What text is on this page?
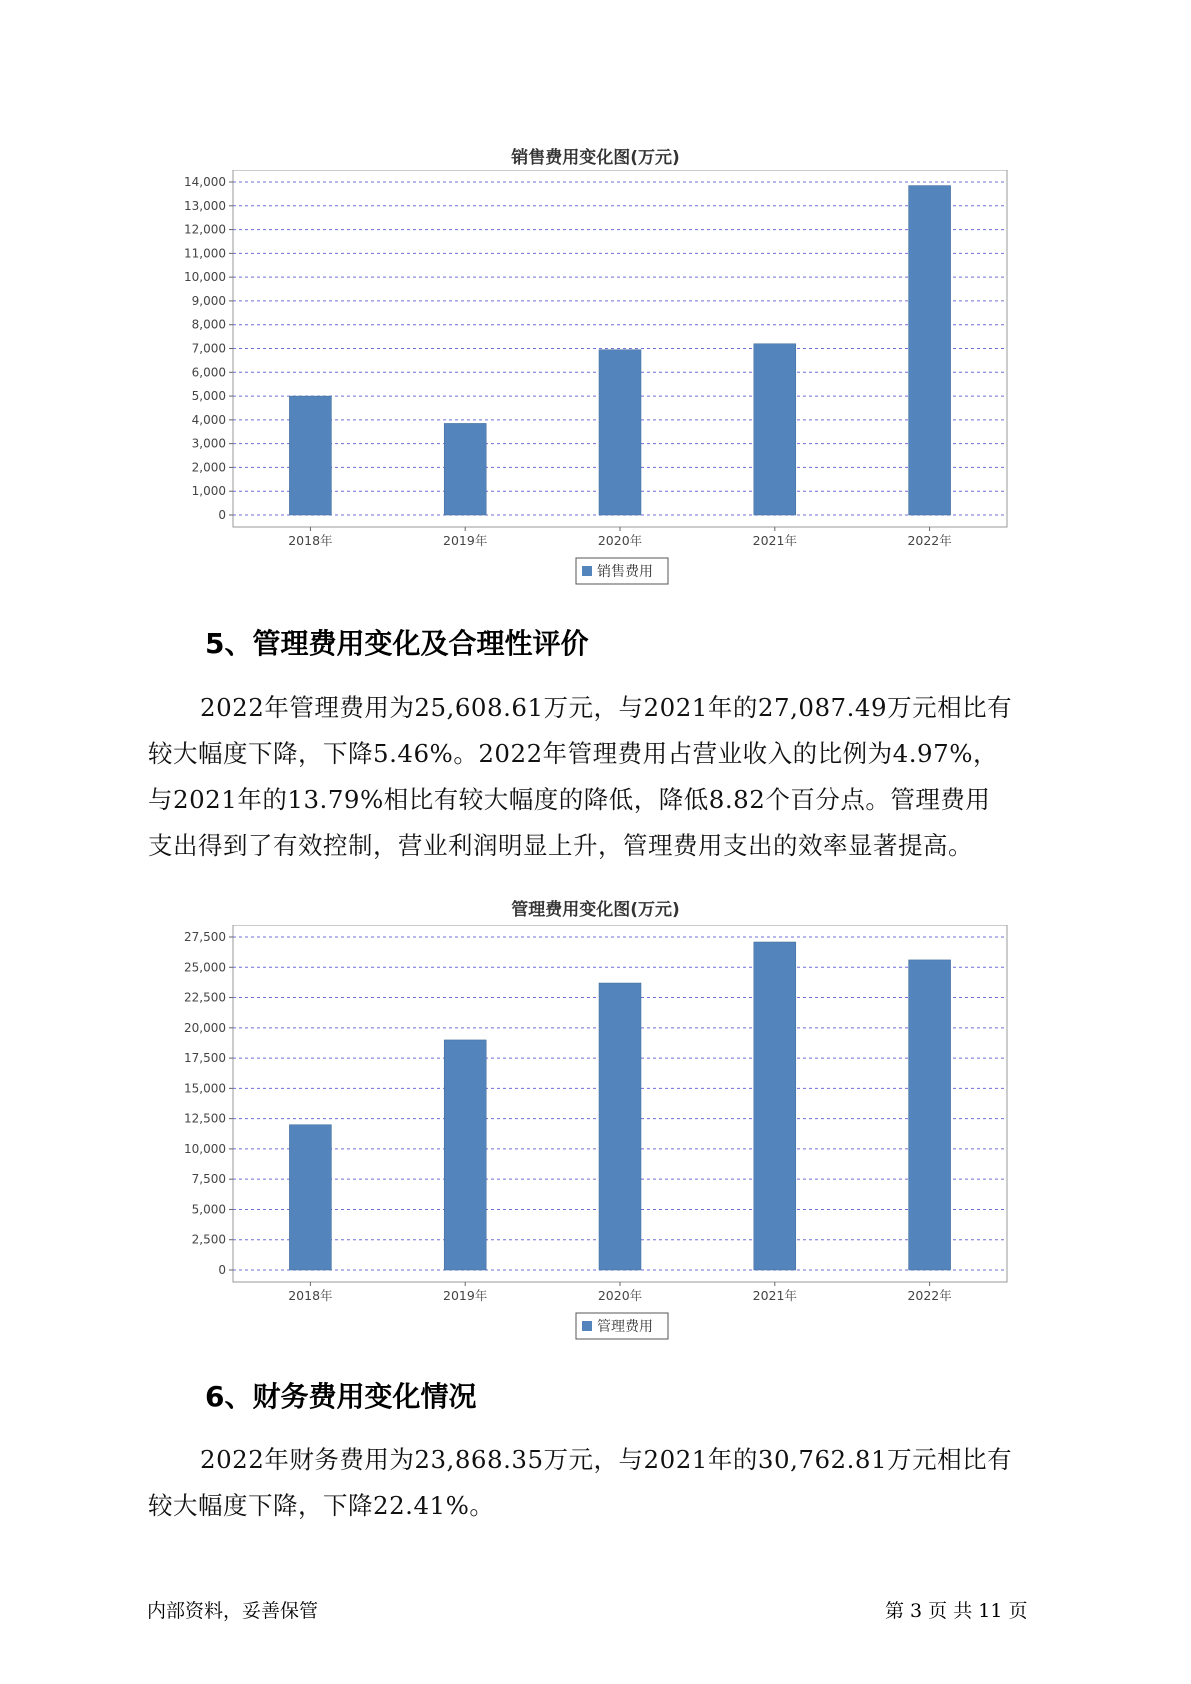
销售费用变化图(万元)
0
1,000
2,000
3,000
4,000
5,000
6,000
7,000
8,000
9,000
10,000
11,000
12,000
13,000
14,000
2018年	2019年	2020年	2021年	2022年
销售费用
5、管理费用变化及合理性评价
2022年管理费用为25,608.61万元，与2021年的27,087.49万元相比有
较大幅度下降，下降5.46%。2022年管理费用占营业收入的比例为4.97%，
与2021年的13.79%相比有较大幅度的降低，降低8.82个百分点。管理费用
支出得到了有效控制，营业利润明显上升，管理费用支出的效率显著提高。
管理费用变化图(万元)
0
2,500
5,000
7,500
10,000
12,500
15,000
17,500
20,000
22,500
25,000
27,500
2018年	2019年	2020年	2021年	2022年
管理费用
6、财务费用变化情况
2022年财务费用为23,868.35万元，与2021年的30,762.81万元相比有
较大幅度下降，下降22.41%。
内部资料，妥善保管	第 3 页 共 11 页
